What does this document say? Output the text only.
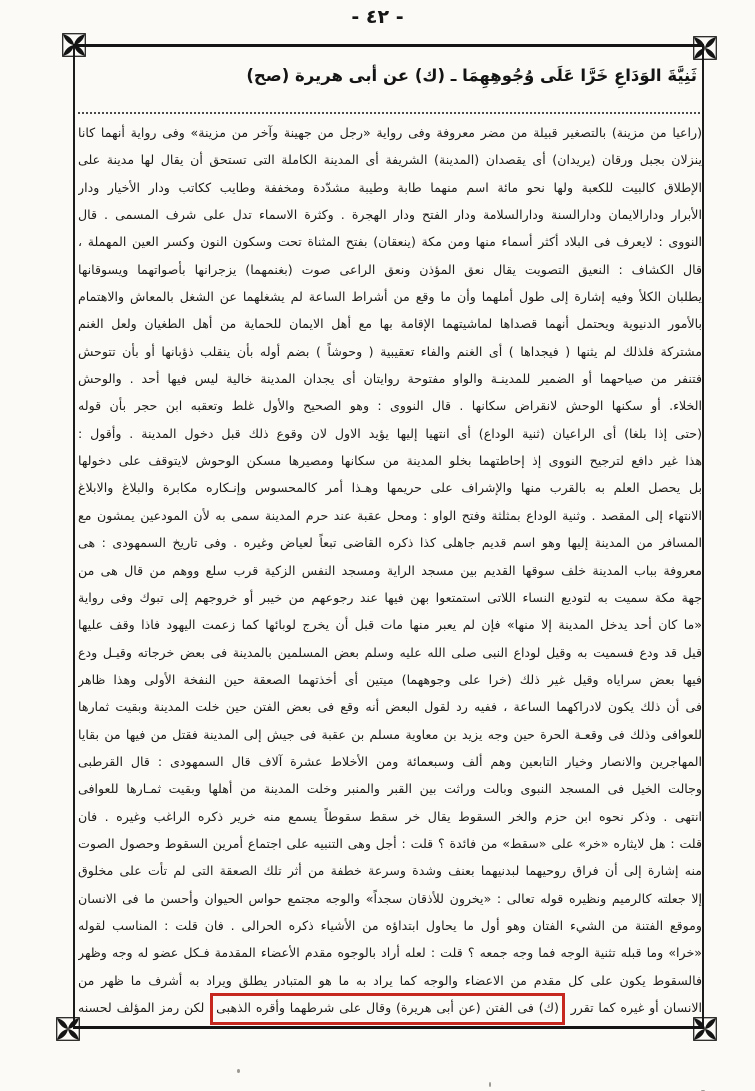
- ٤٢ -
ثَنِيَّةَ الوَدَاعِ خَرَّا عَلَى وُجُوهِهِمَا ـ (ك) عن أبى هريرة (صح)
(راعيا من مزينة) بالتصغير قبيلة من مضر معروفة وفى رواية «رجل من جهينة وآخر من مزينة» وفى رواية أنهما كانا
ينزلان بجبل ورقان (يريدان) أى يقصدان (المدينة) الشريفة أى المدينة الكاملة التى تستحق أن يقال لها مدينة على
الإطلاق كالبيت للكعبة ولها نحو مائة اسم منهما طابة وطيبة مشدّدة ومخففة وطايب ككاتب ودار الأخيار ودار
الأبرار ودارالايمان ودارالسنة ودارالسلامة ودار الفتح ودار الهجرة . وكثرة الاسماء تدل على شرف المسمى . قال
النووى : لايعرف فى البلاد أكثر أسماء منها ومن مكة (ينعقان) بفتح المثناة تحت وسكون النون وكسر العين المهملة ،
قال الكشاف : النعيق التصويت يقال نعق المؤذن ونعق الراعى صوت (بغنمهما) يزجرانها بأصواتهما ويسوقانها
يطلبان الكلأ وفيه إشارة إلى طول أملهما وأن ما وقع من أشراط الساعة لم يشغلهما عن الشغل بالمعاش والاهتمام
بالأمور الدنيوية ويحتمل أنهما قصداها لماشيتهما الإقامة بها مع أهل الايمان للحماية من أهل الطغيان ولعل الغنم
مشتركة فلذلك لم يثنها ( فيجداها ) أى الغنم والفاء تعقيبية ( وحوشاً ) بضم أوله بأن ينقلب ذؤبانها أو بأن تتوحش
فتنفر من صياحهما أو الضمير للمدينـة والواو مفتوحة روايتان أى يجدان المدينة خالية ليس فيها أحد . والوحش
الخلاء. أو سكنها الوحش لانقراض سكانها . قال النووى : وهو الصحيح والأول غلط وتعقبه ابن حجر بأن قوله
(حتى إذا بلغا) أى الراعيان (ثنية الوداع) أى انتهيا إليها يؤيد الاول لان وقوع ذلك قبل دخول المدينة . وأقول :
هذا غير دافع لترجيح النووى إذ إحاطتهما بخلو المدينة من سكانها ومصيرها مسكن الوحوش لايتوقف على دخولها
بل يحصل العلم به بالقرب منها والإشراف على حريمها وهـذا أمر كالمحسوس وإنـكاره مكابرة والبلاغ والابلاغ
الانتهاء إلى المقصد . وثنية الوداع بمثلثة وفتح الواو : ومحل عقبة عند حرم المدينة سمى به لأن المودعين يمشون مع
المسافر من المدينة إليها وهو اسم قديم جاهلى كذا ذكره القاضى تبعاً لعياض وغيره . وفى تاريخ السمهودى : هى
معروفة بباب المدينة خلف سوقها القديم بين مسجد الراية ومسجد النفس الزكية قرب سلع ووهم من قال هى من
جهة مكة سميت به لتوديع النساء اللاتى استمتعوا بهن فيها عند رجوعهم من خيبر أو خروجهم إلى تبوك وفى رواية
«ما كان أحد يدخل المدينة إلا منها» فإن لم يعبر منها مات قبل أن يخرج لوبائها كما زعمت اليهود فاذا وقف عليها
قيل قد ودع فسميت به وقيل لوداع النبى صلى الله عليه وسلم بعض المسلمين بالمدينة فى بعض خرجاته وقيـل ودع
فيها بعض سراياه وقيل غير ذلك (خرا على وجوههما) ميتين أى أخذتهما الصعقة حين النفخة الأولى وهذا ظاهر
فى أن ذلك يكون لادراكهما الساعة ، ففيه رد لقول البعض أنه وقع فى بعض الفتن حين خلت المدينة وبقيت ثمارها
للعوافى وذلك فى وقعـة الحرة حين وجه يزيد بن معاوية مسلم بن عقبة فى جيش إلى المدينة فقتل من فيها من بقايا
المهاجرين والانصار وخيار التابعين وهم ألف وسبعمائة ومن الأخلاط عشرة آلاف قال السمهودى : قال القرطبى
وجالت الخيل فى المسجد النبوى وبالت وراثت بين القبر والمنبر وخلت المدينة من أهلها وبقيت ثمـارها للعوافى
انتهى . وذكر نحوه ابن حزم والخر السقوط يقال خر سقط سقوطاً يسمع منه خرير ذكره الراغب وغيره . فان
قلت : هل لايثاره «خر» على «سقط» من فائدة ؟ قلت : أجل وهى التنبيه على اجتماع أمرين السقوط وحصول الصوت
منه إشارة إلى أن فراق روحيهما لبدنيهما بعنف وشدة وسرعة خطفة من أثر تلك الصعقة التى لم تأت على مخلوق
إلا جعلته كالرميم ونظيره قوله تعالى : «يخرون للأذقان سجداً» والوجه مجتمع حواس الحيوان وأحسن ما فى الانسان
وموقع الفتنة من الشيء الفتان وهو أول ما يحاول ابتداؤه من الأشياء ذكره الحرالى . فان قلت : المناسب لقوله
«خرا» وما قبله تثنية الوجه فما وجه جمعه ؟ قلت : لعله أراد بالوجوه مقدم الأعضاء المقدمة فـكل عضو له وجه وظهر
فالسقوط يكون على كل مقدم من الاعضاء والوجه كما يراد به ما هو المتبادر يطلق ويراد به أشرف ما ظهر من
الانسان أو غيره كما تقرر (ك) فى الفتن (عن أبى هريرة) وقال على شرطهما وأقره الذهبى لكن رمز المؤلف لحسنه
